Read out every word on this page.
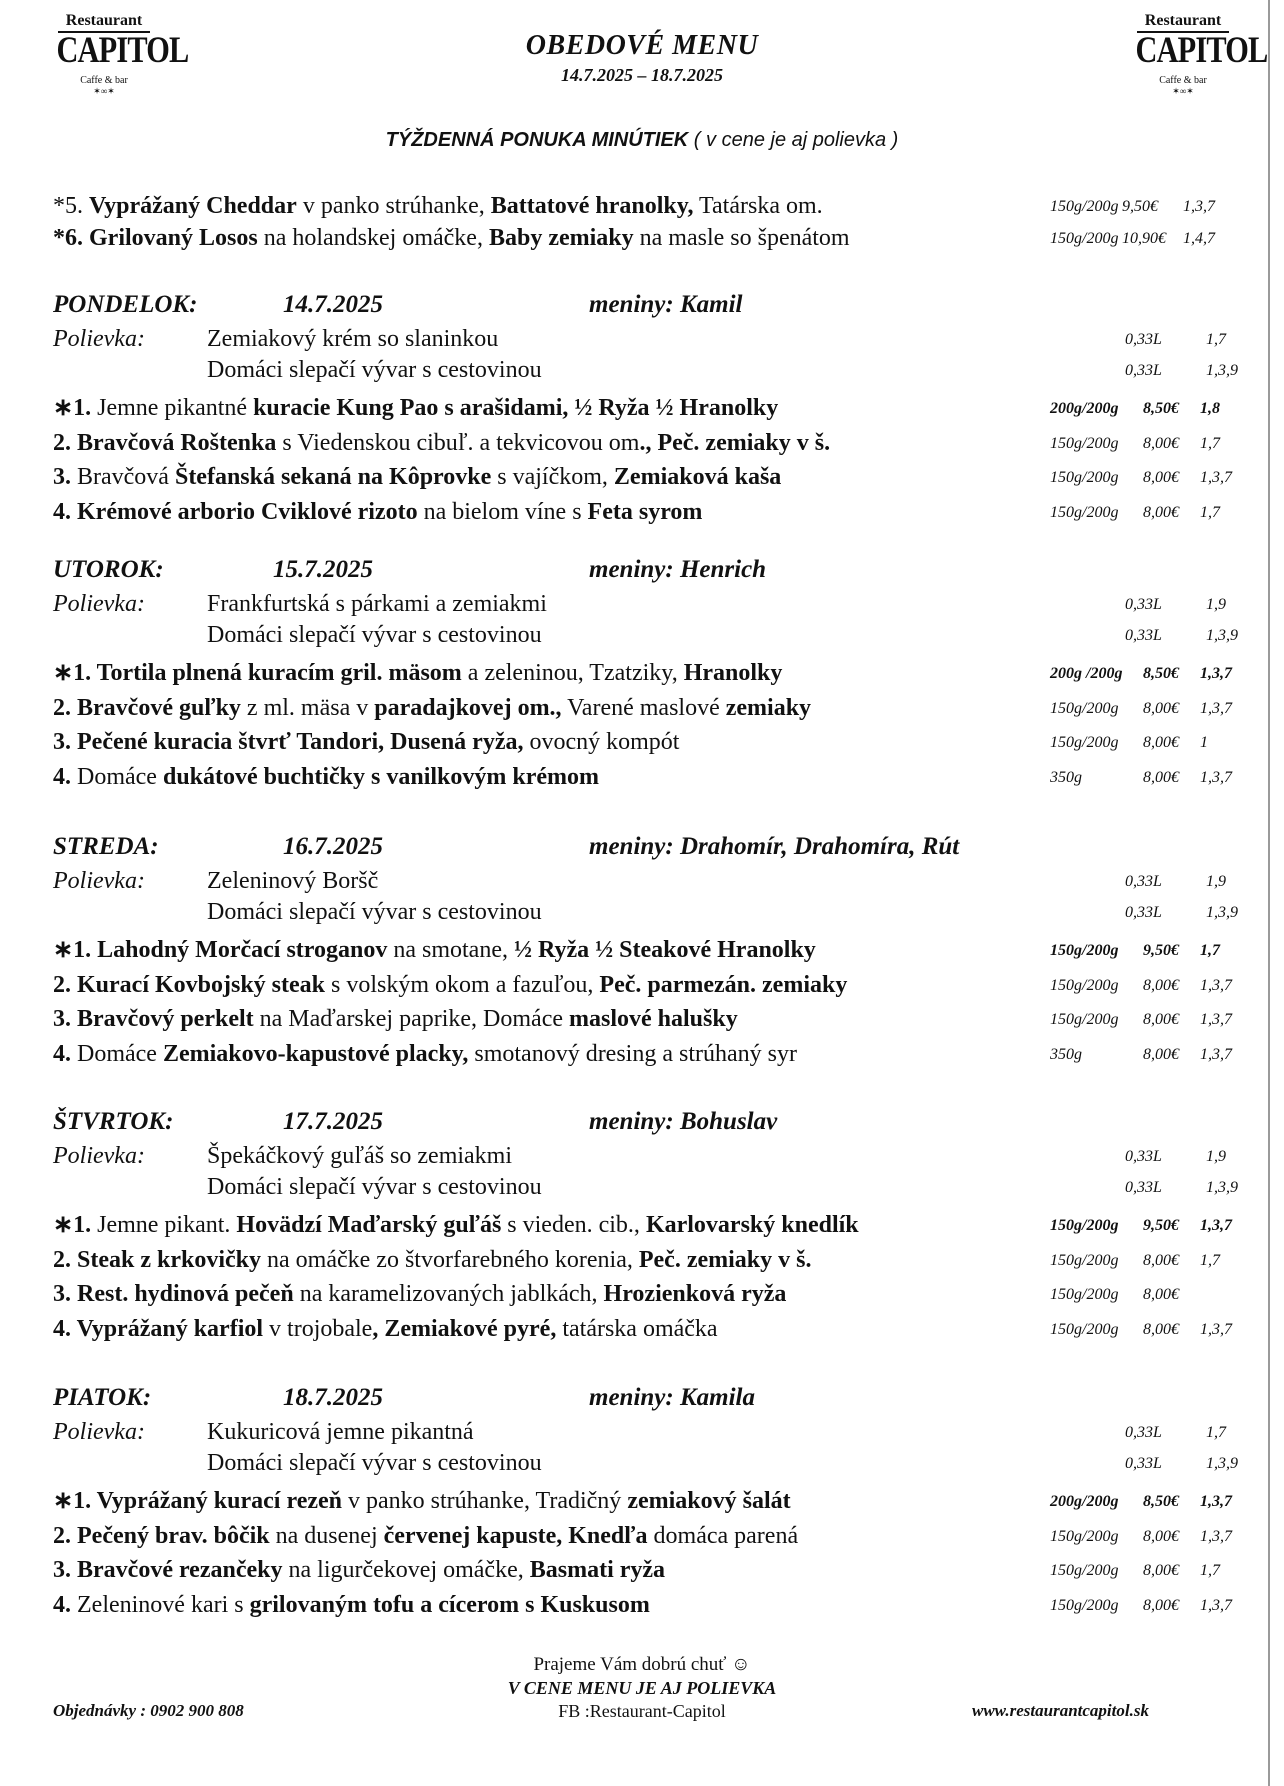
Restaurant
CAPITOL
Caffe & bar
✶∞✶
Restaurant
CAPITOL
Caffe & bar
✶∞✶
OBEDOVÉ MENU
14.7.2025 – 18.7.2025
TÝŽDENNÁ PONUKA MINÚTIEK ( v cene je aj polievka )
*5. Vyprážaný Cheddar v panko strúhanke, Battatové hranolky, Tatárska om.	150g/200g 9,50€ 1,3,7
*6. Grilovaný Losos na holandskej omáčke, Baby zemiaky na masle so špenátom	150g/200g 10,90€ 1,4,7
PONDELOK:	14.7.2025	meniny: Kamil
Polievka:	Zemiakový krém so slaninkou	0,33L	1,7
Domáci slepačí vývar s cestovinou	0,33L	1,3,9
∗1. Jemne pikantné kuracie Kung Pao s arašidami, ½ Ryža ½ Hranolky	200g/200g 8,50€ 1,8
2. Bravčová Roštenka s Viedenskou cibuľ. a tekvicovou om., Peč. zemiaky v š.	150g/200g 8,00€ 1,7
3. Bravčová Štefanská sekaná na Kôprovke s vajíčkom, Zemiaková kaša	150g/200g 8,00€ 1,3,7
4. Krémové arborio Cviklové rizoto na bielom víne s Feta syrom	150g/200g 8,00€ 1,7
UTOROK:	15.7.2025	meniny: Henrich
Polievka:	Frankfurtská s párkami a zemiakmi	0,33L	1,9
Domáci slepačí vývar s cestovinou	0,33L	1,3,9
∗1. Tortila plnená kuracím gril. mäsom a zeleninou, Tzatziky, Hranolky	200g /200g 8,50€ 1,3,7
2. Bravčové guľky z ml. mäsa v paradajkovej om., Varené maslové zemiaky	150g/200g 8,00€ 1,3,7
3. Pečené kuracia štvrť Tandori, Dusená ryža, ovocný kompót	150g/200g 8,00€ 1
4. Domáce dukátové buchtičky s vanilkovým krémom	350g	8,00€ 1,3,7
STREDA:	16.7.2025	meniny: Drahomír, Drahomíra, Rút
Polievka:	Zeleninový Boršč	0,33L	1,9
Domáci slepačí vývar s cestovinou	0,33L	1,3,9
∗1. Lahodný Morčací stroganov na smotane, ½ Ryža ½ Steakové Hranolky	150g/200g 9,50€ 1,7
2. Kurací Kovbojský steak s volským okom a fazuľou, Peč. parmezán. zemiaky	150g/200g 8,00€ 1,3,7
3. Bravčový perkelt na Maďarskej paprike, Domáce maslové halušky	150g/200g 8,00€ 1,3,7
4. Domáce Zemiakovo-kapustové placky, smotanový dresing a strúhaný syr	350g	8,00€ 1,3,7
ŠTVRTOK:	17.7.2025	meniny: Bohuslav
Polievka:	Špekáčkový guľáš so zemiakmi	0,33L	1,9
Domáci slepačí vývar s cestovinou	0,33L	1,3,9
∗1. Jemne pikant. Hovädzí Maďarský guľáš s vieden. cib., Karlovarský knedlík	150g/200g 9,50€ 1,3,7
2. Steak z krkovičky na omáčke zo štvorfarebného korenia, Peč. zemiaky v š.	150g/200g 8,00€ 1,7
3. Rest. hydinová pečeň na karamelizovaných jablkách, Hrozienková ryža	150g/200g 8,00€
4. Vyprážaný karfiol v trojobale, Zemiakové pyré, tatárska omáčka	150g/200g 8,00€ 1,3,7
PIATOK:	18.7.2025	meniny: Kamila
Polievka:	Kukuricová jemne pikantná	0,33L	1,7
Domáci slepačí vývar s cestovinou	0,33L	1,3,9
∗1. Vyprážaný kurací rezeň v panko strúhanke, Tradičný zemiakový šalát	200g/200g 8,50€ 1,3,7
2. Pečený brav. bôčik na dusenej červenej kapuste, Knedľa domáca parená	150g/200g 8,00€ 1,3,7
3. Bravčové rezančeky na ligurčekovej omáčke, Basmati ryža	150g/200g 8,00€ 1,7
4. Zeleninové kari s grilovaným tofu a cícerom s Kuskusom	150g/200g 8,00€ 1,3,7
Prajeme Vám dobrú chuť ☺
V CENE MENU JE AJ POLIEVKA
FB :Restaurant-Capitol
Objednávky : 0902 900 808	www.restaurantcapitol.sk
